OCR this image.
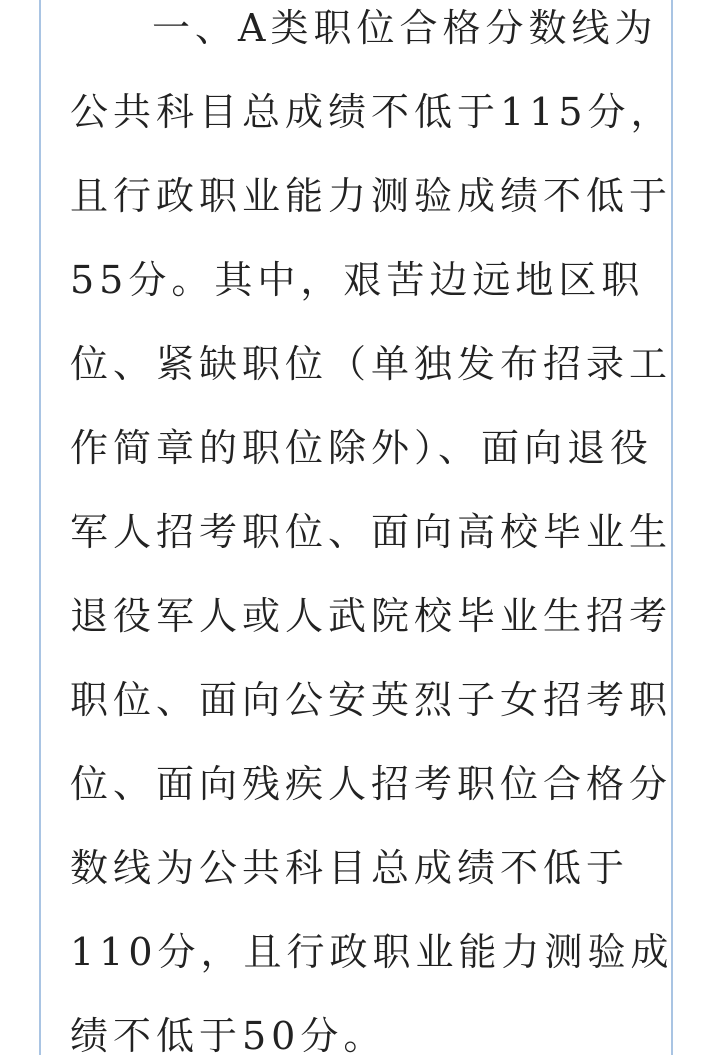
一、A类职位合格分数线为
公共科目总成绩不低于115分，
且行政职业能力测验成绩不低于
55分。其中，艰苦边远地区职
位、紧缺职位（单独发布招录工
作简章的职位除外）、面向退役
军人招考职位、面向高校毕业生
退役军人或人武院校毕业生招考
职位、面向公安英烈子女招考职
位、面向残疾人招考职位合格分
数线为公共科目总成绩不低于
110分，且行政职业能力测验成
绩不低于50分。
